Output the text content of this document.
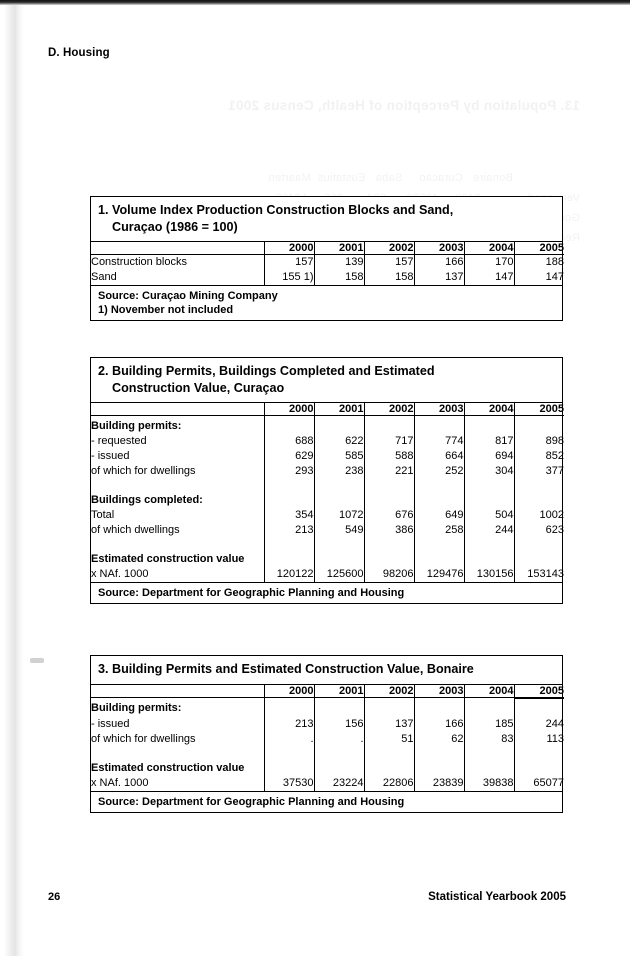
13. Population by Perception of Health, Census 2001
Bonaire   Curacao     Saba   Eustatius  Maarten
Very
Good
D. Housing
1. Volume Index Production Construction Blocks and Sand,
Curaçao (1986 = 100)
	2000	2001	2002	2003	2004	2005
Construction blocks	157	139	157	166	170	188
Sand	155 1)	158	158	137	147	147
Source: Curaçao Mining Company
1) November not included
2. Building Permits, Buildings Completed and Estimated
Construction Value, Curaçao
	2000	2001	2002	2003	2004	2005
Building permits:						
- requested	688	622	717	774	817	898
- issued	629	585	588	664	694	852
of which for dwellings	293	238	221	252	304	377

Buildings completed:						
Total	354	1072	676	649	504	1002
of which dwellings	213	549	386	258	244	623

Estimated construction value						
x NAf. 1000	120122	125600	98206	129476	130156	153143
Source: Department for Geographic Planning and Housing
3. Building Permits and Estimated Construction Value, Bonaire
	2000	2001	2002	2003	2004	2005
Building permits:						
- issued	213	156	137	166	185	244
of which for dwellings	.	.	51	62	83	113

Estimated construction value						
x NAf. 1000	37530	23224	22806	23839	39838	65077
Source: Department for Geographic Planning and Housing
26	Statistical Yearbook 2005
